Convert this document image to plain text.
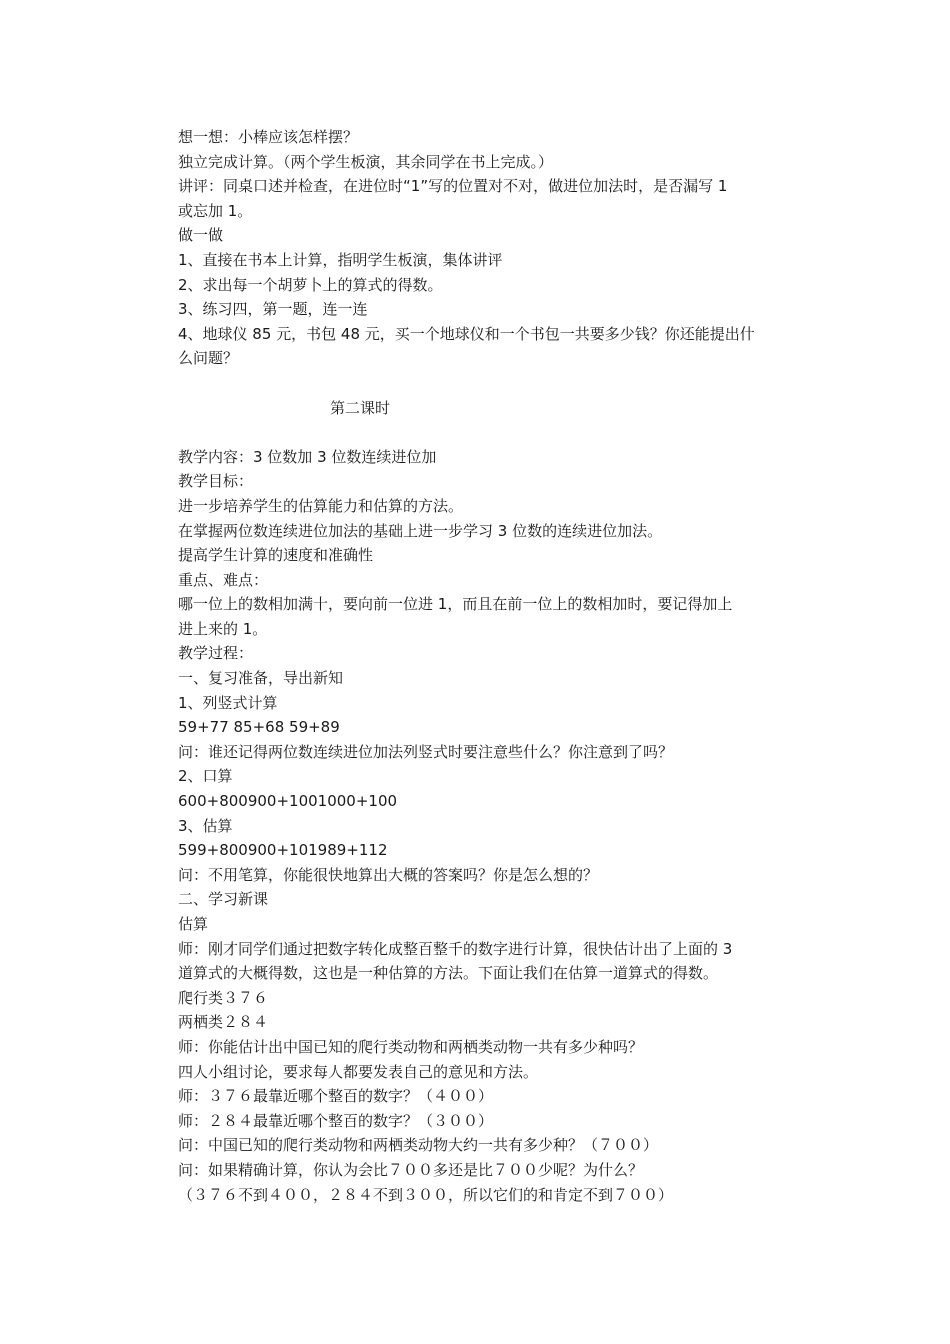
想一想：小棒应该怎样摆？
独立完成计算。（两个学生板演，其余同学在书上完成。）
讲评：同桌口述并检查，在进位时“1”写的位置对不对，做进位加法时，是否漏写 1
或忘加 1。
做一做
1、直接在书本上计算，指明学生板演，集体讲评
2、求出每一个胡萝卜上的算式的得数。
3、练习四，第一题，连一连
4、地球仪 85 元，书包 48 元，买一个地球仪和一个书包一共要多少钱？你还能提出什
么问题？
第二课时
教学内容：3 位数加 3 位数连续进位加
教学目标：
进一步培养学生的估算能力和估算的方法。
在掌握两位数连续进位加法的基础上进一步学习 3 位数的连续进位加法。
提高学生计算的速度和准确性
重点、难点：
哪一位上的数相加满十，要向前一位进 1，而且在前一位上的数相加时，要记得加上
进上来的 1。
教学过程：
一、复习准备，导出新知
1、列竖式计算
59+77 85+68 59+89
问：谁还记得两位数连续进位加法列竖式时要注意些什么？你注意到了吗？
2、口算
600+800900+1001000+100
3、估算
599+800900+101989+112
问：不用笔算，你能很快地算出大概的答案吗？你是怎么想的？
二、学习新课
估算
师：刚才同学们通过把数字转化成整百整千的数字进行计算，很快估计出了上面的 3
道算式的大概得数，这也是一种估算的方法。下面让我们在估算一道算式的得数。
爬行类３７６
两栖类２８４
师：你能估计出中国已知的爬行类动物和两栖类动物一共有多少种吗？
四人小组讨论，要求每人都要发表自己的意见和方法。
师：３７６最靠近哪个整百的数字？（４００）
师：２８４最靠近哪个整百的数字？（３００）
问：中国已知的爬行类动物和两栖类动物大约一共有多少种？（７００）
问：如果精确计算，你认为会比７００多还是比７００少呢？为什么？
（３７６不到４００，２８４不到３００，所以它们的和肯定不到７００）
